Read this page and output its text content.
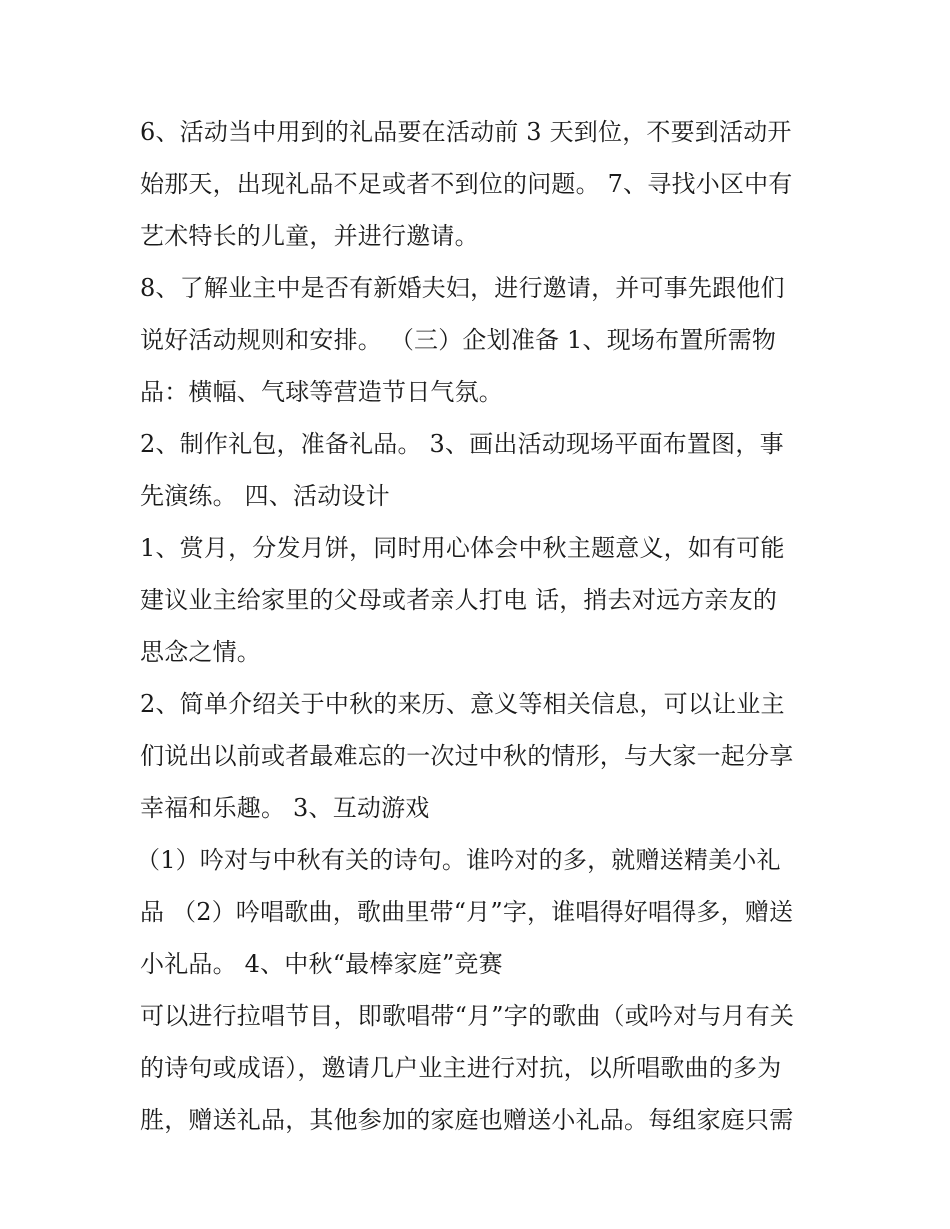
6、活动当中用到的礼品要在活动前 3 天到位，不要到活动开
始那天，出现礼品不足或者不到位的问题。 7、寻找小区中有
艺术特长的儿童，并进行邀请。
8、了解业主中是否有新婚夫妇，进行邀请，并可事先跟他们
说好活动规则和安排。 （三）企划准备 1、现场布置所需物
品：横幅、气球等营造节日气氛。
2、制作礼包，准备礼品。 3、画出活动现场平面布置图，事
先演练。 四、活动设计
1、赏月，分发月饼，同时用心体会中秋主题意义，如有可能
建议业主给家里的父母或者亲人打电 话，捎去对远方亲友的
思念之情。
2、简单介绍关于中秋的来历、意义等相关信息，可以让业主
们说出以前或者最难忘的一次过中秋的情形，与大家一起分享
幸福和乐趣。 3、互动游戏
（1）吟对与中秋有关的诗句。谁吟对的多，就赠送精美小礼
品 （2）吟唱歌曲，歌曲里带“月”字，谁唱得好唱得多，赠送
小礼品。 4、中秋“最棒家庭”竞赛
可以进行拉唱节目，即歌唱带“月”字的歌曲（或吟对与月有关
的诗句或成语），邀请几户业主进行对抗，以所唱歌曲的多为
胜，赠送礼品，其他参加的家庭也赠送小礼品。每组家庭只需
